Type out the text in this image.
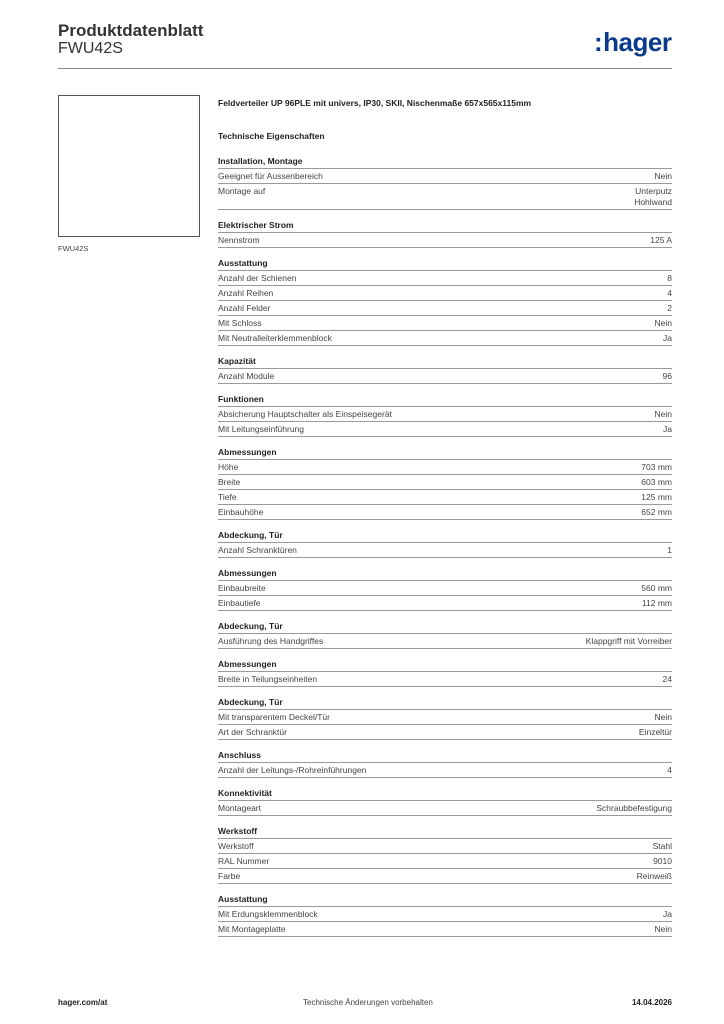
Produktdatenblatt
FWU42S	:hager
FWU42S
Feldverteiler UP 96PLE mit univers, IP30, SKII, Nischenmaße 657x565x115mm
Technische Eigenschaften
Installation, Montage
Geeignet für Aussenbereich	Nein
Montage auf	Unterputz
Hohlwand
Elektrischer Strom
Nennstrom	125 A
Ausstattung
Anzahl der Schienen	8
Anzahl Reihen	4
Anzahl Felder	2
Mit Schloss	Nein
Mit Neutralleiterklemmenblock	Ja
Kapazität
Anzahl Module	96
Funktionen
Absicherung Hauptschalter als Einspeisegerät	Nein
Mit Leitungseinführung	Ja
Abmessungen
Höhe	703 mm
Breite	603 mm
Tiefe	125 mm
Einbauhöhe	652 mm
Abdeckung, Tür
Anzahl Schranktüren	1
Abmessungen
Einbaubreite	560 mm
Einbautiefe	112 mm
Abdeckung, Tür
Ausführung des Handgriffes	Klappgriff mit Vorreiber
Abmessungen
Breite in Teilungseinheiten	24
Abdeckung, Tür
Mit transparentem Deckel/Tür	Nein
Art der Schranktür	Einzeltür
Anschluss
Anzahl der Leitungs-/Rohreinführungen	4
Konnektivität
Montageart	Schraubbefestigung
Werkstoff
Werkstoff	Stahl
RAL Nummer	9010
Farbe	Reinweiß
Ausstattung
Mit Erdungsklemmenblock	Ja
Mit Montageplatte	Nein
hager.com/at	Technische Änderungen vorbehalten	14.04.2026
